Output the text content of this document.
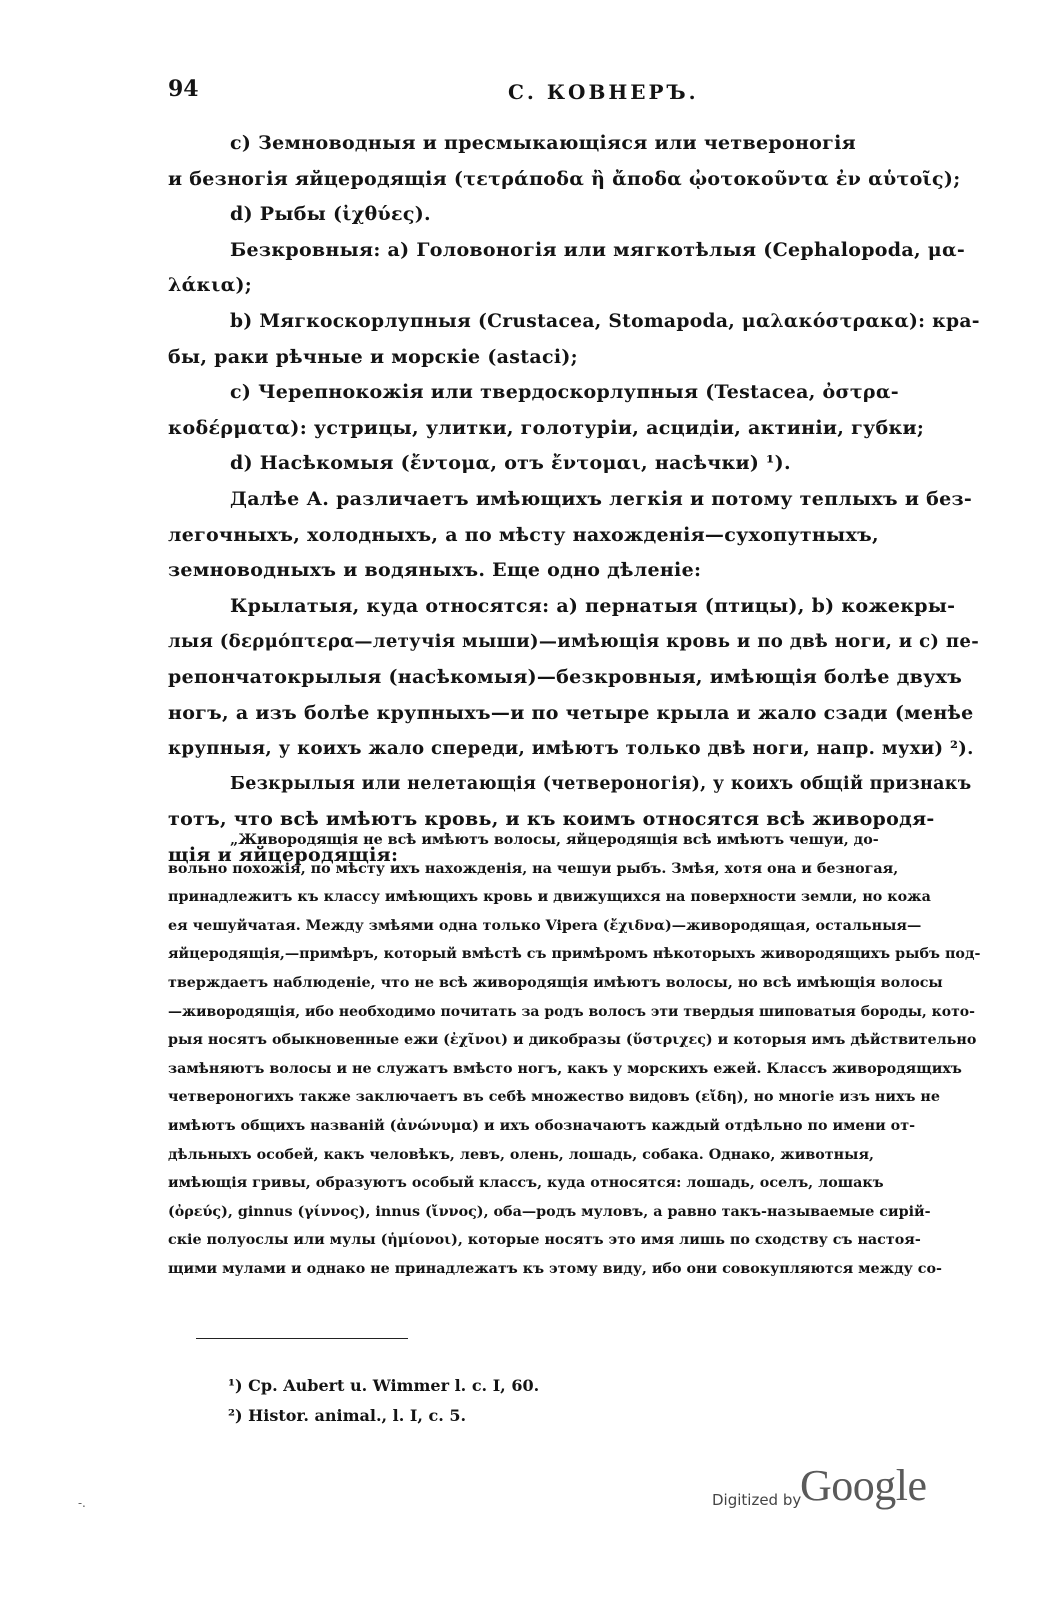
94	С. КОВНЕРЪ.
c) Земноводныя и пресмыкающіяся или четвероногія
и безногія яйцеродящія (τετράποδα ἢ ἄποδα ᾠοτοκοῦντα ἐν αὑτοῖς);
d) Рыбы (ἰχθύες).
Безкровныя: a) Головоногія или мягкотѣлыя (Cephalopoda, μα-
λάκια);
b) Мягкоскорлупныя (Crustacea, Stomapoda, μαλακόστρακα): кра-
бы, раки рѣчные и морскіе (astaci);
c) Черепнокожія или твердоскорлупныя (Testacea, ὀστρα-
κοδέρματα): устрицы, улитки, голотуріи, асцидіи, актиніи, губки;
d) Насѣкомыя (ἔντομα, отъ ἔντομαι, насѣчки) ¹).
Далѣе А. различаетъ имѣющихъ легкія и потому теплыхъ и без-
легочныхъ, холодныхъ, а по мѣсту нахожденія—сухопутныхъ,
земноводныхъ и водяныхъ. Еще одно дѣленіе:
Крылатыя, куда относятся: a) пернатыя (птицы), b) кожекры-
лыя (δερμόπτερα—летучія мыши)—имѣющія кровь и по двѣ ноги, и c) пе-
репончатокрылыя (насѣкомыя)—безкровныя, имѣющія болѣе двухъ
ногъ, а изъ болѣе крупныхъ—и по четыре крыла и жало сзади (менѣе
крупныя, у коихъ жало спереди, имѣютъ только двѣ ноги, напр. мухи) ²).
Безкрылыя или нелетающія (четвероногія), у коихъ общій признакъ
тотъ, что всѣ имѣютъ кровь, и къ коимъ относятся всѣ живородя-
щія и яйцеродящія:
„Живородящія не всѣ имѣютъ волосы, яйцеродящія всѣ имѣютъ чешуи, до-
вольно похожія, по мѣсту ихъ нахожденія, на чешуи рыбъ. Змѣя, хотя она и безногая,
принадлежитъ къ классу имѣющихъ кровь и движущихся на поверхности земли, но кожа
ея чешуйчатая. Между змѣями одна только Vipera (ἔχιδνα)—живородящая, остальныя—
яйцеродящія,—примѣръ, который вмѣстѣ съ примѣромъ нѣкоторыхъ живородящихъ рыбъ под-
тверждаетъ наблюденіе, что не всѣ живородящія имѣютъ волосы, но всѣ имѣющія волосы
—живородящія, ибо необходимо почитать за родъ волосъ эти твердыя шиповатыя бороды, кото-
рыя носятъ обыкновенные ежи (ἐχῖνοι) и дикобразы (ὕστριχες) и которыя имъ дѣйствительно
замѣняютъ волосы и не служатъ вмѣсто ногъ, какъ у морскихъ ежей. Классъ живородящихъ
четвероногихъ также заключаетъ въ себѣ множество видовъ (εἴδη), но многіе изъ нихъ не
имѣютъ общихъ названій (ἀνώνυμα) и ихъ обозначаютъ каждый отдѣльно по имени от-
дѣльныхъ особей, какъ человѣкъ, левъ, олень, лошадь, собака. Однако, животныя,
имѣющія гривы, образуютъ особый классъ, куда относятся: лошадь, оселъ, лошакъ
(ὀρεύς), ginnus (γίννος), innus (ἴννος), оба—родъ муловъ, а равно такъ-называемые сирій-
скіе полуослы или мулы (ἡμίονοι), которые носятъ это имя лишь по сходству съ настоя-
щими мулами и однако не принадлежатъ къ этому виду, ибо они совокупляются между со-
¹) Ср. Aubert u. Wimmer l. c. I, 60.
²) Histor. animal., l. I, c. 5.
-.	Digitized by
Google
